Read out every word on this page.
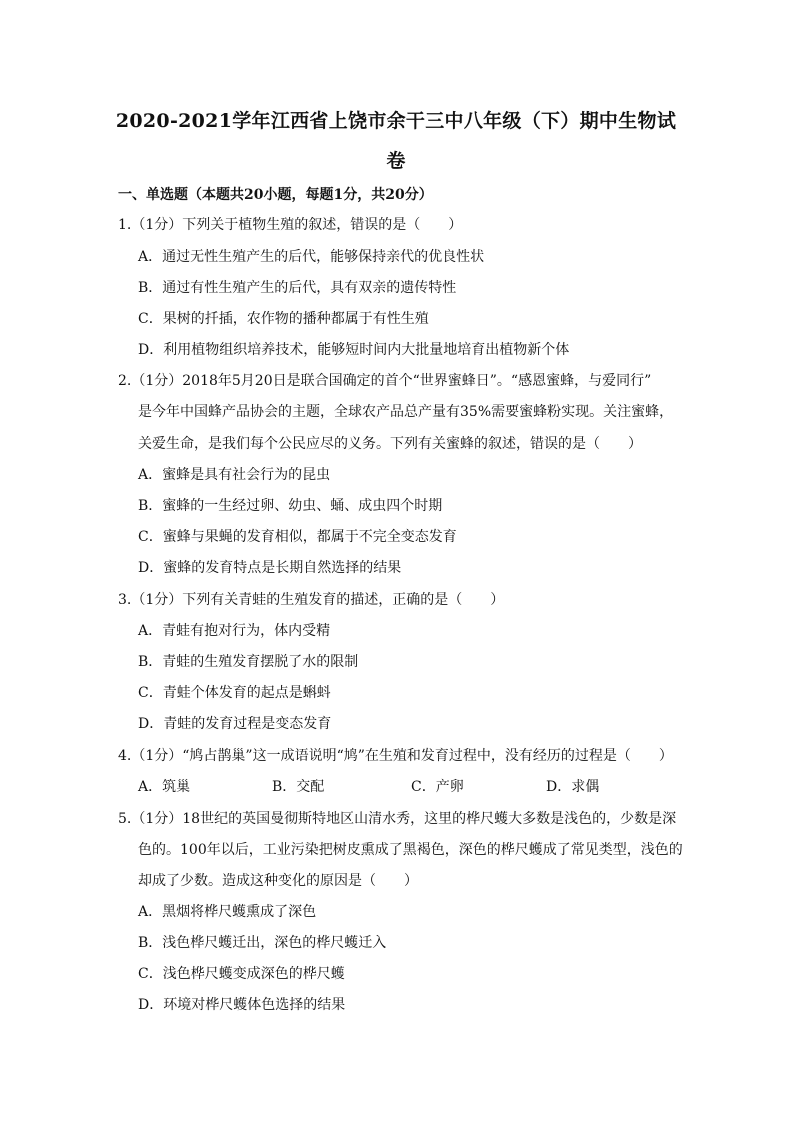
2020-2021学年江西省上饶市余干三中八年级（下）期中生物试
卷
一、单选题（本题共20小题，每题1分，共20分）
1.（1分）下列关于植物生殖的叙述，错误的是（　　）
A．通过无性生殖产生的后代，能够保持亲代的优良性状
B．通过有性生殖产生的后代，具有双亲的遗传特性
C．果树的扦插，农作物的播种都属于有性生殖
D．利用植物组织培养技术，能够短时间内大批量地培育出植物新个体
2.（1分）2018年5月20日是联合国确定的首个“世界蜜蜂日”。“感恩蜜蜂，与爱同行”
是今年中国蜂产品协会的主题，全球农产品总产量有35%需要蜜蜂粉实现。关注蜜蜂，
关爱生命，是我们每个公民应尽的义务。下列有关蜜蜂的叙述，错误的是（　　）
A．蜜蜂是具有社会行为的昆虫
B．蜜蜂的一生经过卵、幼虫、蛹、成虫四个时期
C．蜜蜂与果蝇的发育相似，都属于不完全变态发育
D．蜜蜂的发育特点是长期自然选择的结果
3.（1分）下列有关青蛙的生殖发育的描述，正确的是（　　）
A．青蛙有抱对行为，体内受精
B．青蛙的生殖发育摆脱了水的限制
C．青蛙个体发育的起点是蝌蚪
D．青蛙的发育过程是变态发育
4.（1分）“鸠占鹊巢”这一成语说明“鸠”在生殖和发育过程中，没有经历的过程是（　　）
A．筑巢	B．交配	C．产卵	D．求偶
5.（1分）18世纪的英国曼彻斯特地区山清水秀，这里的桦尺蠖大多数是浅色的，少数是深
色的。100年以后，工业污染把树皮熏成了黑褐色，深色的桦尺蠖成了常见类型，浅色的
却成了少数。造成这种变化的原因是（　　）
A．黑烟将桦尺蠖熏成了深色
B．浅色桦尺蠖迁出，深色的桦尺蠖迁入
C．浅色桦尺蠖变成深色的桦尺蠖
D．环境对桦尺蠖体色选择的结果
